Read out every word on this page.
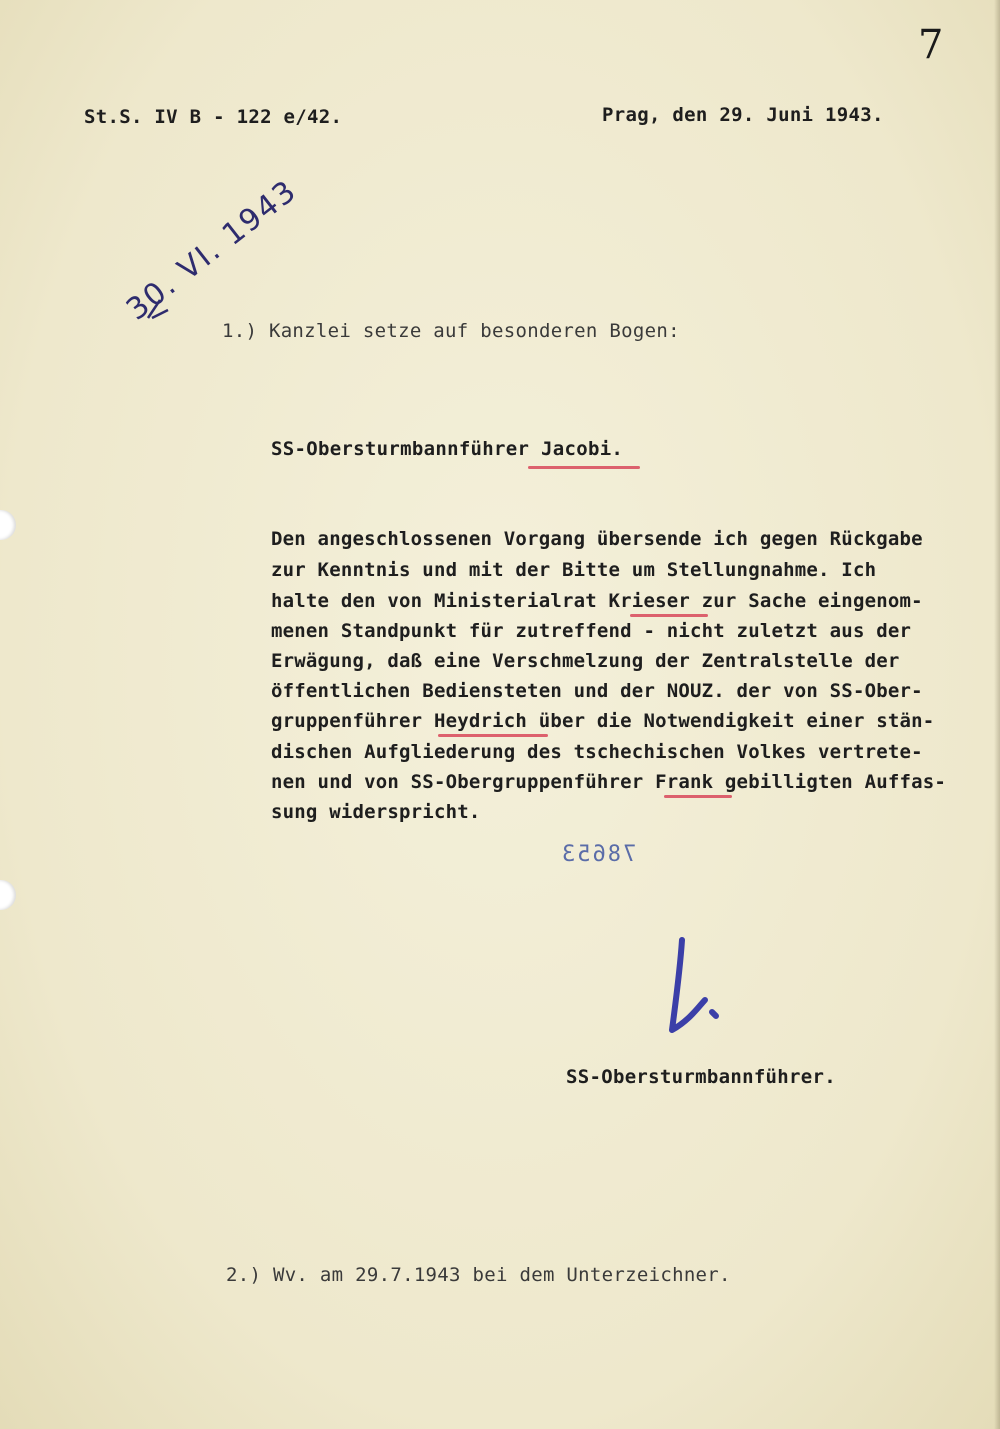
7
St.S. IV B - 122 e/42.	Prag, den 29. Juni 1943.
30. VI. 1943
1.) Kanzlei setze auf besonderen Bogen:
SS-Obersturmbannführer Jacobi.
Den angeschlossenen Vorgang übersende ich gegen Rückgabe
zur Kenntnis und mit der Bitte um Stellungnahme. Ich
halte den von Ministerialrat Krieser zur Sache eingenom-
menen Standpunkt für zutreffend - nicht zuletzt aus der
Erwägung, daß eine Verschmelzung der Zentralstelle der
öffentlichen Bediensteten und der NOUZ. der von SS-Ober-
gruppenführer Heydrich über die Notwendigkeit einer stän-
dischen Aufgliederung des tschechischen Volkes vertrete-
nen und von SS-Obergruppenführer Frank gebilligten Auffas-
sung widerspricht.
78653
SS-Obersturmbannführer.
2.) Wv. am 29.7.1943 bei dem Unterzeichner.
